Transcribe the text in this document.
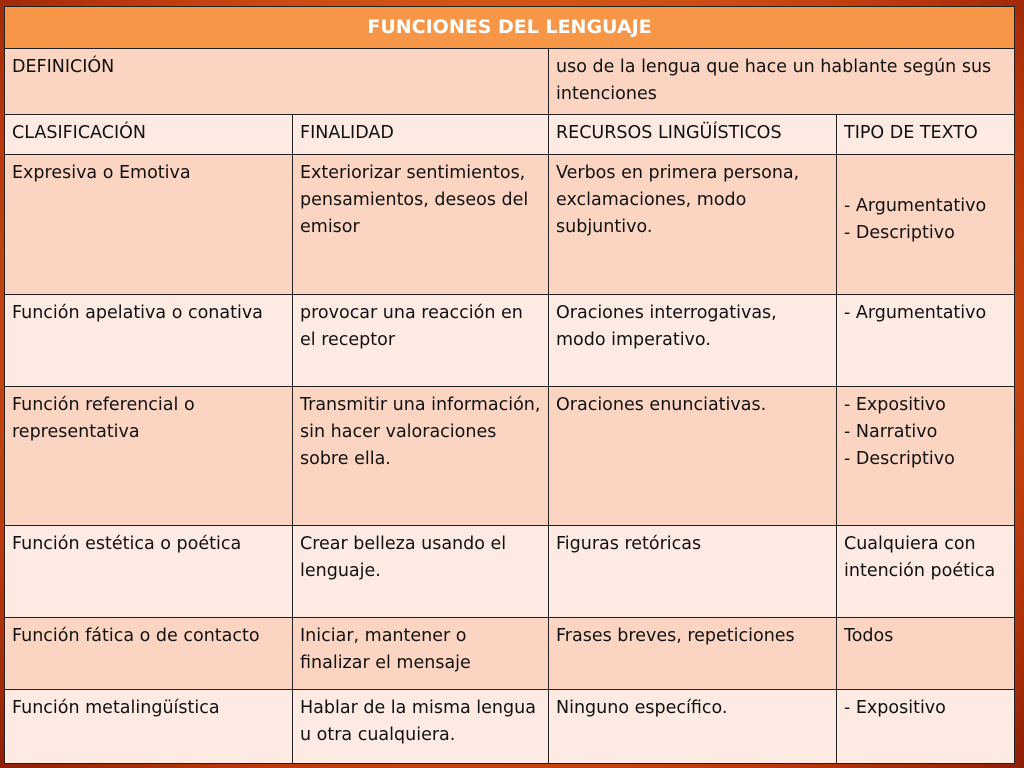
FUNCIONES DEL LENGUAJE			
DEFINICIÓN		uso de la lengua que hace un hablante según sus intenciones	
CLASIFICACIÓN	FINALIDAD	RECURSOS LINGÜÍSTICOS	TIPO DE TEXTO
Expresiva o Emotiva	Exteriorizar sentimientos, pensamientos, deseos del emisor	Verbos en primera persona, exclamaciones, modo subjuntivo.	- Argumentativo
- Descriptivo

Función apelativa o conativa	provocar una reacción en el receptor	Oraciones interrogativas, modo imperativo.	- Argumentativo

Función referencial o representativa	Transmitir una información, sin hacer valoraciones sobre ella.	Oraciones enunciativas.	- Expositivo
- Narrativo
- Descriptivo

Función estética o poética	Crear belleza usando el lenguaje.	Figuras retóricas	Cualquiera con intención poética

Función fática o de contacto	Iniciar, mantener o finalizar el mensaje	Frases breves, repeticiones	Todos

Función metalingüística	Hablar de la misma lengua u otra cualquiera.	Ninguno específico.	- Expositivo
